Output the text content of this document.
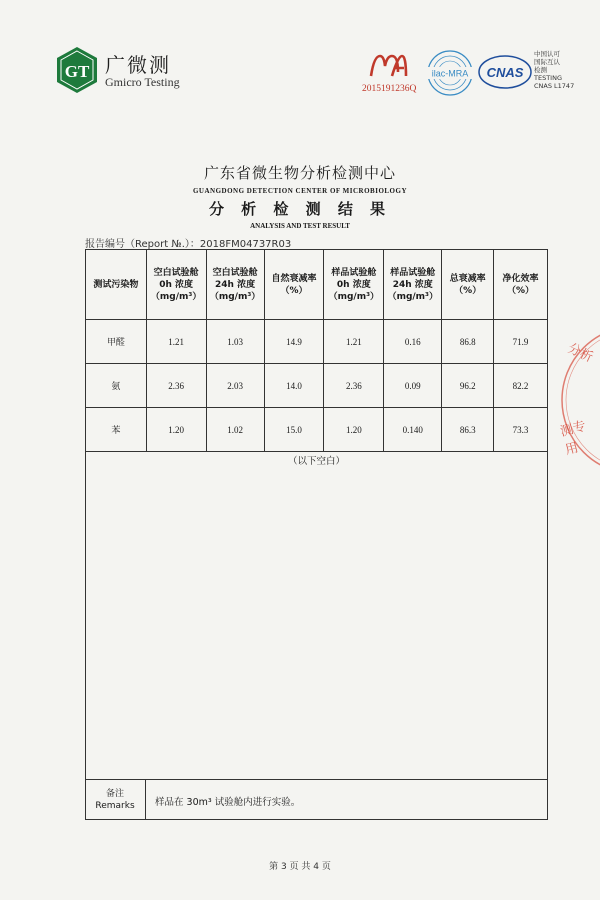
GT 广微测
Gmicro Testing	2015191236Q
ilac-MRA CNAS
中国认可
国际互认
检测
TESTING
CNAS L1747
广东省微生物分析检测中心
GUANGDONG DETECTION CENTER OF MICROBIOLOGY
分 析 检 测 结 果
ANALYSIS AND TEST RESULT
报告编号（Report №.）：2018FM04737R03
测试污染物	空白试验舱 0h 浓度（mg/m³）	空白试验舱 24h 浓度（mg/m³）	自然衰减率（%）	样品试验舱 0h 浓度（mg/m³）	样品试验舱 24h 浓度（mg/m³）	总衰减率（%）	净化效率（%）
甲醛	1.21	1.03	14.9	1.21	0.16	86.8	71.9
氨	2.36	2.03	14.0	2.36	0.09	96.2	82.2
苯	1.20	1.02	15.0	1.20	0.140	86.3	73.3
（以下空白）
备注
Remarks	样品在 30m³ 试验舱内进行实验。
第 3 页 共 4 页
分析
测专用
